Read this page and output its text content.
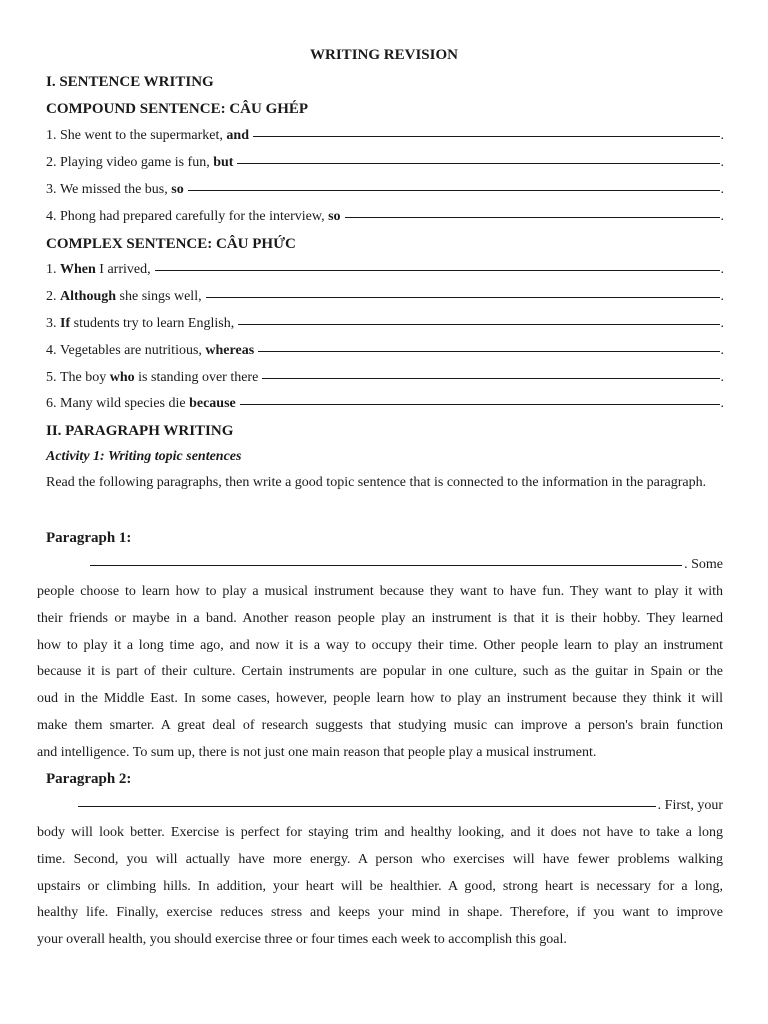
WRITING REVISION
I. SENTENCE WRITING
COMPOUND SENTENCE: CÂU GHÉP
1.
She went to the supermarket,
and	.
2.
Playing video game is fun,
but	.
3.
We missed the bus,
so	.
4.
Phong had prepared carefully for the interview,
so	.
COMPLEX SENTENCE: CÂU PHỨC
1.
When
I arrived,	.
2.
Although
she sings well,	.
3.
If
students try to learn English,	.
4.
Vegetables are nutritious,
whereas	.
5.
The boy
who
is standing over there	.
6.
Many wild species die
because	.
II. PARAGRAPH WRITING
Activity 1: Writing topic sentences
Read the following paragraphs, then write a good topic sentence that is connected to the information in the paragraph.
Paragraph 1:
. Some
people choose to learn how to play a musical instrument because they want to have fun. They want to play it with
their friends or maybe in a band. Another reason people play an instrument is that it is their hobby. They learned
how to play it a long time ago, and now it is a way to occupy their time. Other people learn to play an instrument
because it is part of their culture. Certain instruments are popular in one culture, such as the guitar in Spain or the
oud in the Middle East. In some cases, however, people learn how to play an instrument because they think it will
make them smarter. A great deal of research suggests that studying music can improve a person's brain function
and intelligence. To sum up, there is not just one main reason that people play a musical instrument.
Paragraph 2:
. First, your
body will look better. Exercise is perfect for staying trim and healthy looking, and it does not have to take a long
time. Second, you will actually have more energy. A person who exercises will have fewer problems walking
upstairs or climbing hills. In addition, your heart will be healthier. A good, strong heart is necessary for a long,
healthy life. Finally, exercise reduces stress and keeps your mind in shape. Therefore, if you want to improve
your overall health, you should exercise three or four times each week to accomplish this goal.
